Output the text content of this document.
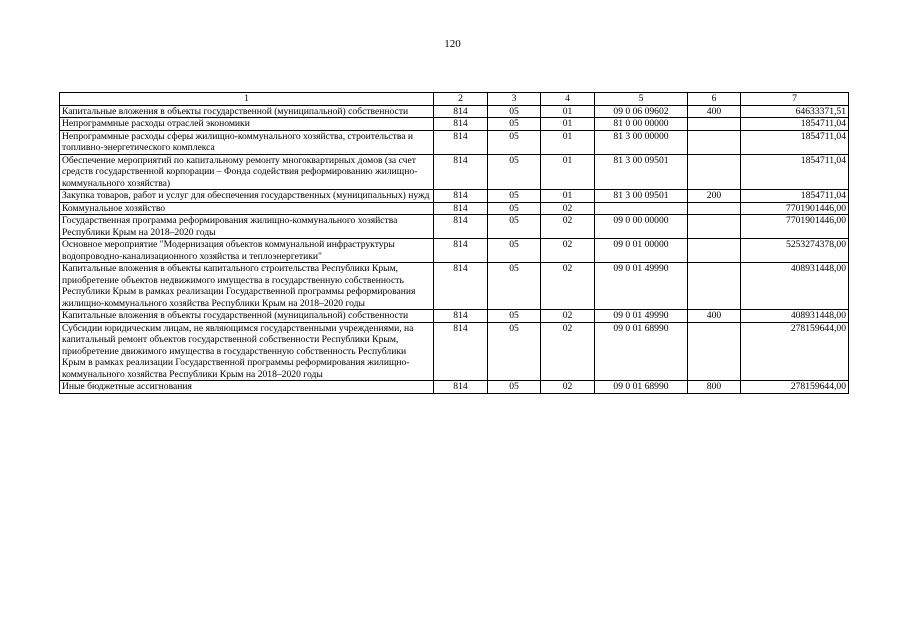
120
1	2	3	4	5	6	7
Капитальные вложения в объекты государственной (муниципальной) собственности	814	05	01	09 0 06 09602	400	64633371,51
Непрограммные расходы отраслей экономики	814	05	01	81 0 00 00000		1854711,04
Непрограммные расходы сферы жилищно-коммунального хозяйства, строительства и топливно-энергетического комплекса	814	05	01	81 3 00 00000		1854711,04
Обеспечение мероприятий по капитальному ремонту многоквартирных домов (за счет средств государственной корпорации – Фонда содействия реформированию жилищно-коммунального хозяйства)	814	05	01	81 3 00 09501		1854711,04
Закупка товаров, работ и услуг для обеспечения государственных (муниципальных) нужд	814	05	01	81 3 00 09501	200	1854711,04
Коммунальное хозяйство	814	05	02			7701901446,00
Государственная программа реформирования жилищно-коммунального хозяйства Республики Крым на 2018–2020 годы	814	05	02	09 0 00 00000		7701901446,00
Основное мероприятие "Модернизация объектов коммунальной инфраструктуры водопроводно-канализационного хозяйства и теплоэнергетики"	814	05	02	09 0 01 00000		5253274378,00
Капитальные вложения в объекты капитального строительства Республики Крым, приобретение объектов недвижимого имущества в государственную собственность Республики Крым в рамках реализации Государственной программы реформирования жилищно-коммунального хозяйства Республики Крым на 2018–2020 годы	814	05	02	09 0 01 49990		408931448,00
Капитальные вложения в объекты государственной (муниципальной) собственности	814	05	02	09 0 01 49990	400	408931448,00
Субсидии юридическим лицам, не являющимся государственными учреждениями, на капитальный ремонт объектов государственной собственности Республики Крым, приобретение движимого имущества в государственную собственность Республики Крым в рамках реализации Государственной программы реформирования жилищно-коммунального хозяйства Республики Крым на 2018–2020 годы	814	05	02	09 0 01 68990		278159644,00
Иные бюджетные ассигнования	814	05	02	09 0 01 68990	800	278159644,00
